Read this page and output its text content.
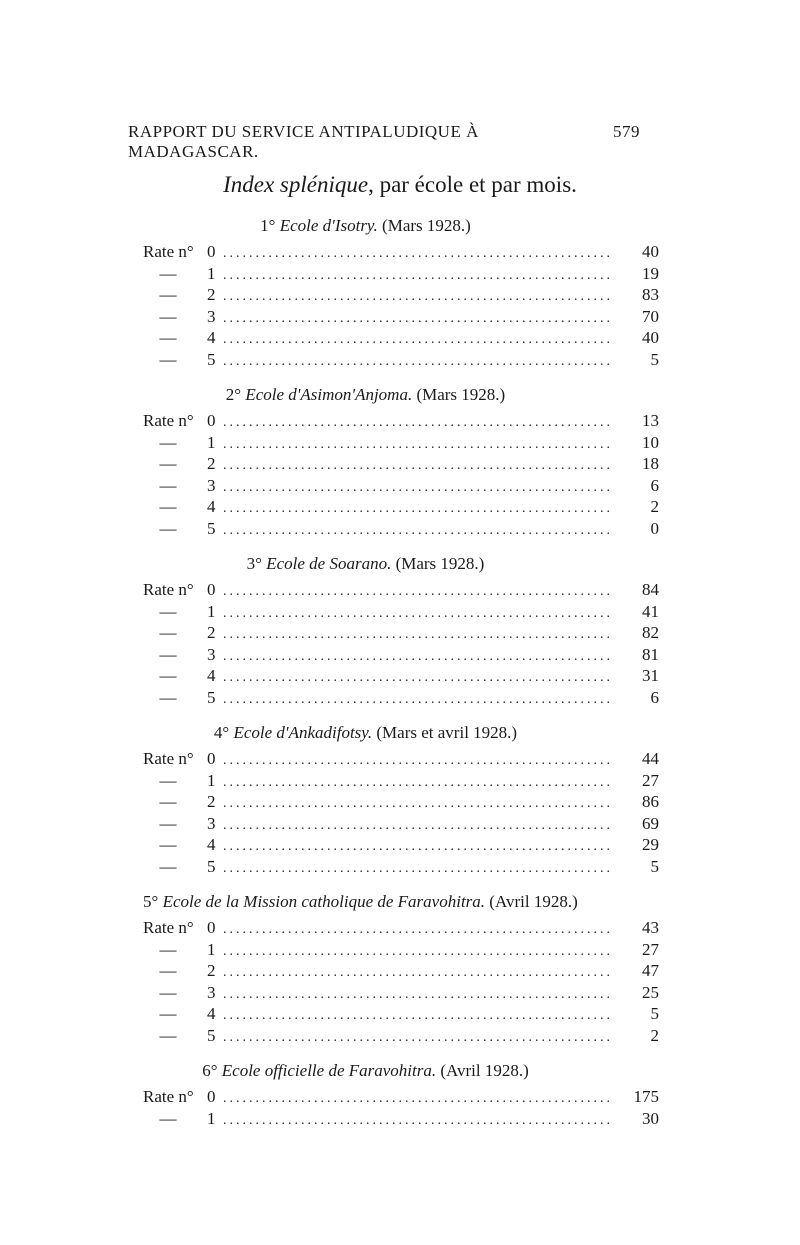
RAPPORT DU SERVICE ANTIPALUDIQUE À MADAGASCAR.
579
Index splénique, par école et par mois.
1° Ecole d'Isotry. (Mars 1928.)
Rate n° 0 ............................................................	40
—	1 ............................................................	19
—	2 ............................................................	83
—	3 ............................................................	70
—	4 ............................................................	40
—	5 ............................................................	5
2° Ecole d'Asimon'Anjoma. (Mars 1928.)
Rate n° 0 ............................................................	13
—	1 ............................................................	10
—	2 ............................................................	18
—	3 ............................................................	6
—	4 ............................................................	2
—	5 ............................................................	0
3° Ecole de Soarano. (Mars 1928.)
Rate n° 0 ............................................................	84
—	1 ............................................................	41
—	2 ............................................................	82
—	3 ............................................................	81
—	4 ............................................................	31
—	5 ............................................................	6
4° Ecole d'Ankadifotsy. (Mars et avril 1928.)
Rate n° 0 ............................................................	44
—	1 ............................................................	27
—	2 ............................................................	86
—	3 ............................................................	69
—	4 ............................................................	29
—	5 ............................................................	5
5° Ecole de la Mission catholique de Faravohitra. (Avril 1928.)
Rate n° 0 ............................................................	43
—	1 ............................................................	27
—	2 ............................................................	47
—	3 ............................................................	25
—	4 ............................................................	5
—	5 ............................................................	2
6° Ecole officielle de Faravohitra. (Avril 1928.)
Rate n° 0 ............................................................	175
—	1 ............................................................	30
